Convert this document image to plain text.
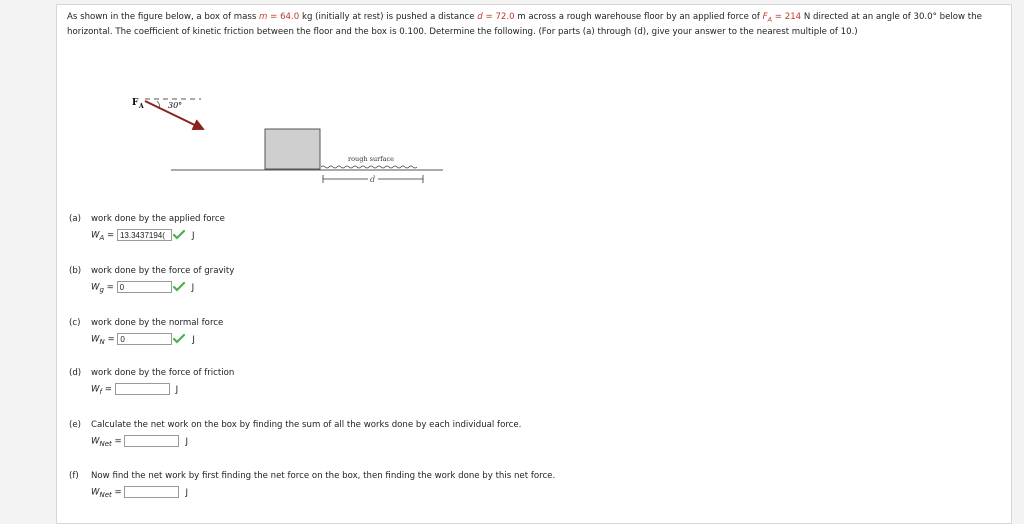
As shown in the figure below, a box of mass m = 64.0 kg (initially at rest) is pushed a distance d = 72.0 m across a rough warehouse floor by an applied force of $F_A = 214$ N directed at an angle of 30.0° below the horizontal. The coefficient of kinetic friction between the floor and the box is 0.100. Determine the following. (For parts (a) through (d), give your answer to the nearest multiple of 10.)
F A	30°
rough surface
d
(a) work done by the applied force
$W_A = 13.3437194$(	J
(b) work done by the force of gravity
$W_g = 0$	J
(c) work done by the normal force
$W_N = 0$	J
(d) work done by the force of friction
$W_f$ =	J
(e) Calculate the net work on the box by finding the sum of all the works done by each individual force.
$W_{Net}$ =	J
(f) Now find the net work by first finding the net force on the box, then finding the work done by this net force.
$W_{Net}$ =	J
